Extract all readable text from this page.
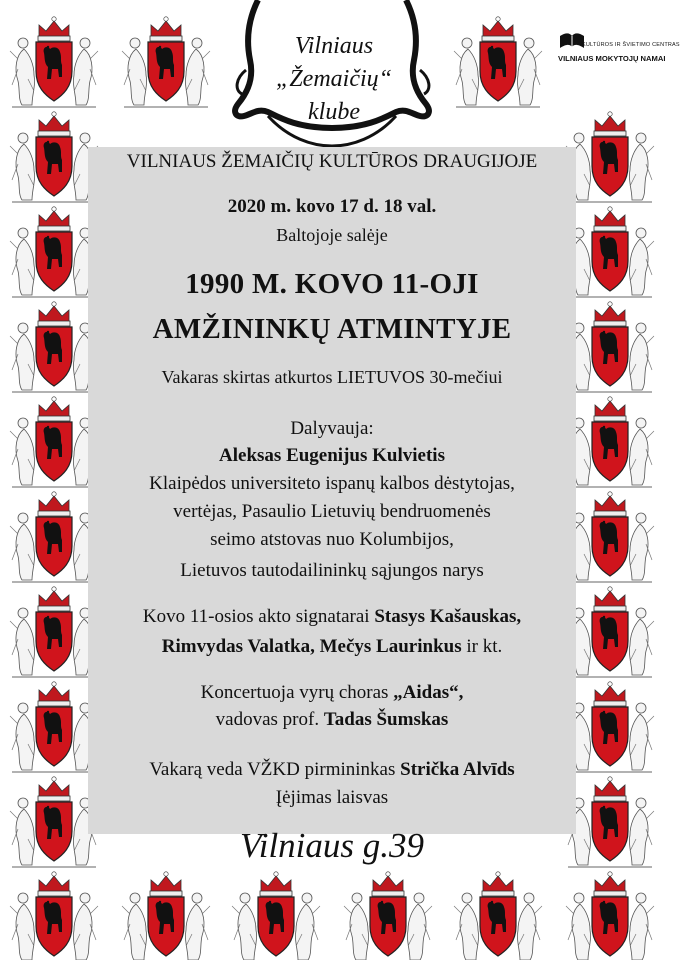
Vilniaus
„Žemaičių“
klube
KULTŪROS IR ŠVIETIMO CENTRAS
VILNIAUS MOKYTOJŲ NAMAI
VILNIAUS ŽEMAIČIŲ KULTŪROS DRAUGIJOJE
2020 m. kovo 17 d. 18 val.
Baltojoje salėje
1990 M. KOVO 11-OJI
AMŽININKŲ ATMINTYJE
Vakaras skirtas atkurtos LIETUVOS 30-mečiui
Dalyvauja:
Aleksas Eugenijus Kulvietis
Klaipėdos universiteto ispanų kalbos dėstytojas,
vertėjas, Pasaulio Lietuvių bendruomenės
seimo atstovas nuo Kolumbijos,
Lietuvos tautodailininkų sąjungos narys
Kovo 11-osios akto signatarai Stasys Kašauskas,
Rimvydas Valatka, Mečys Laurinkus ir kt.
Koncertuoja vyrų choras „Aidas“,
vadovas prof. Tadas Šumskas
Vakarą veda VŽKD pirmininkas Strička Alvīds
Įėjimas laisvas
Vilniaus g.39
